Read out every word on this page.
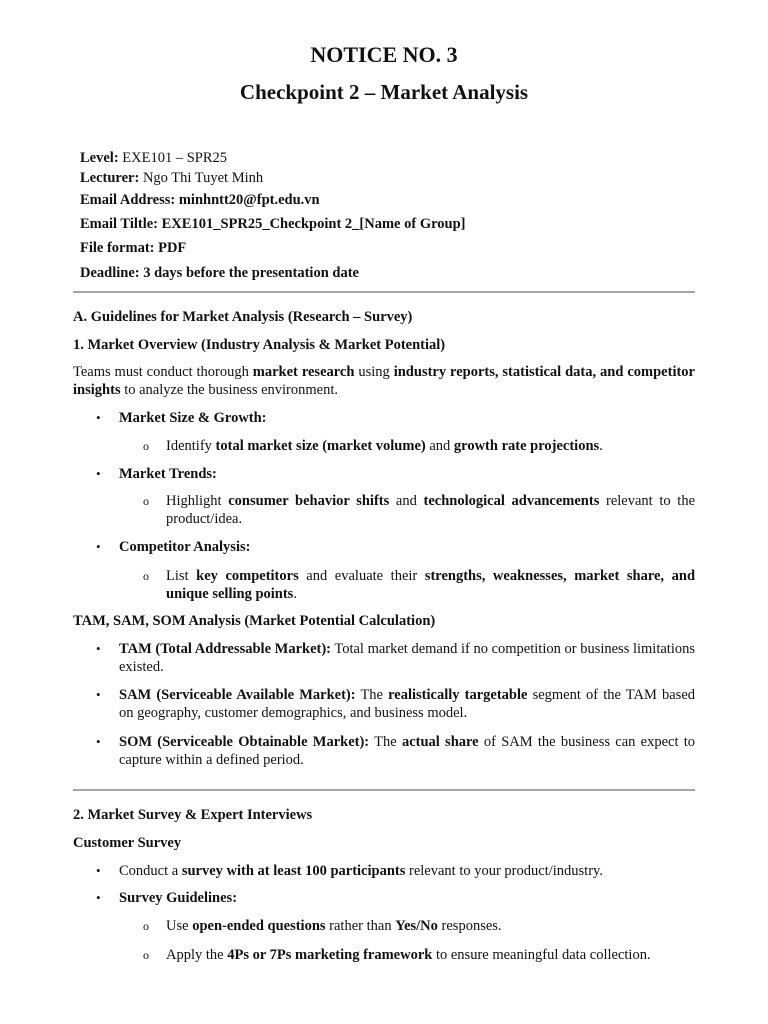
NOTICE NO. 3
Checkpoint 2 – Market Analysis
Level: EXE101 – SPR25
Lecturer: Ngo Thi Tuyet Minh
Email Address: minhntt20@fpt.edu.vn
Email Tiltle: EXE101_SPR25_Checkpoint 2_[Name of Group]
File format: PDF
Deadline: 3 days before the presentation date
A. Guidelines for Market Analysis (Research – Survey)
1. Market Overview (Industry Analysis & Market Potential)
Teams must conduct thorough market research using industry reports, statistical data, and competitor insights to analyze the business environment.
• Market Size & Growth:
o Identify total market size (market volume) and growth rate projections.
• Market Trends:
o Highlight consumer behavior shifts and technological advancements relevant to the product/idea.
• Competitor Analysis:
o List key competitors and evaluate their strengths, weaknesses, market share, and unique selling points.
TAM, SAM, SOM Analysis (Market Potential Calculation)
• TAM (Total Addressable Market): Total market demand if no competition or business limitations existed.
• SAM (Serviceable Available Market): The realistically targetable segment of the TAM based on geography, customer demographics, and business model.
• SOM (Serviceable Obtainable Market): The actual share of SAM the business can expect to capture within a defined period.
2. Market Survey & Expert Interviews
Customer Survey
• Conduct a survey with at least 100 participants relevant to your product/industry.
• Survey Guidelines:
o Use open-ended questions rather than Yes/No responses.
o Apply the 4Ps or 7Ps marketing framework to ensure meaningful data collection.
